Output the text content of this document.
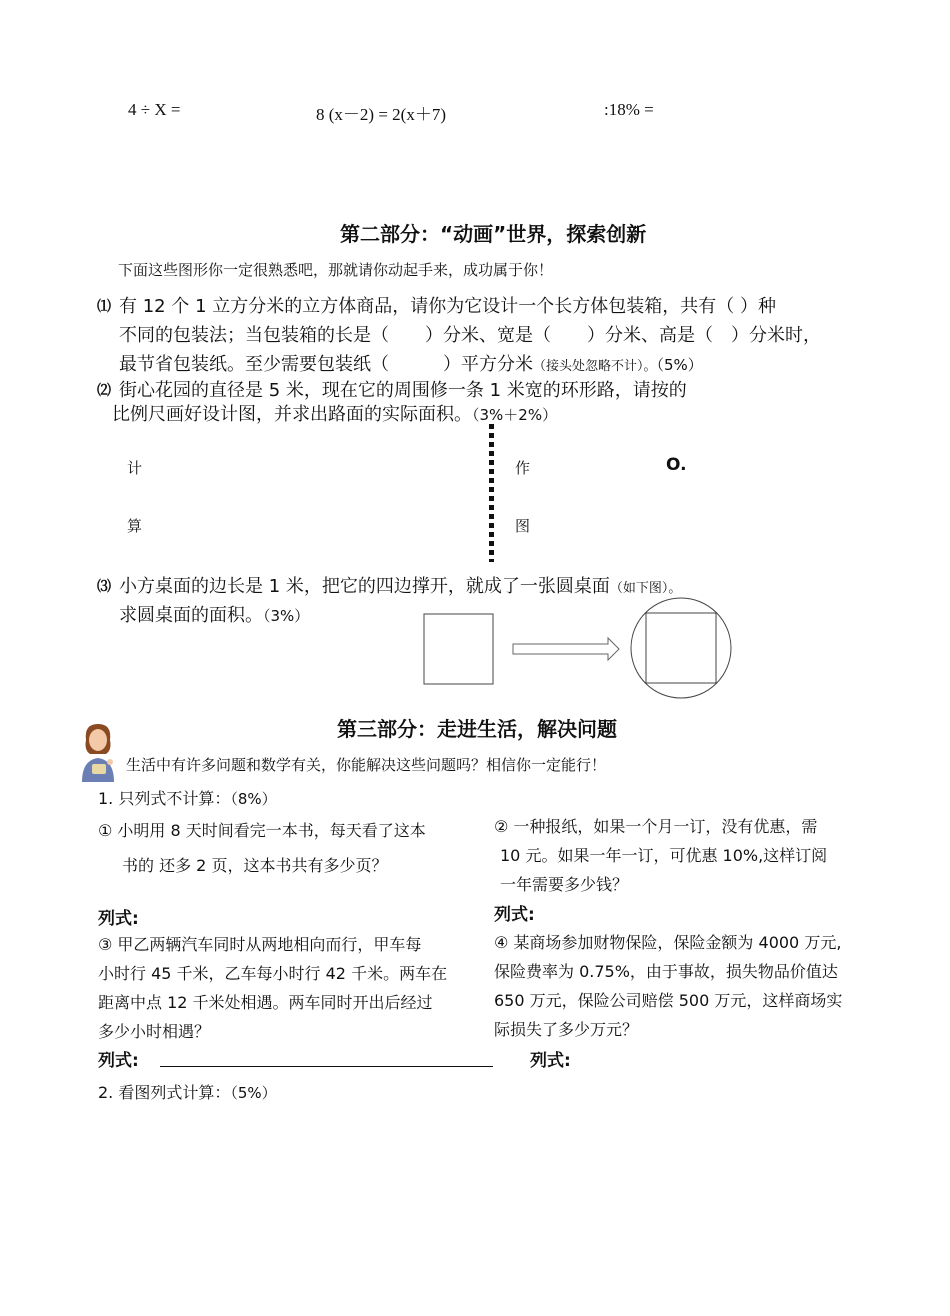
4 ÷ X =	8 (x－2) = 2(x＋7)	:18% =
第二部分：“动画”世界，探索创新
下面这些图形你一定很熟悉吧，那就请你动起手来，成功属于你！
⑴ 有 12 个 1 立方分米的立方体商品，请你为它设计一个长方体包装箱，共有（ ）种
不同的包装法；当包装箱的长是（　　）分米、宽是（　　）分米、高是（　）分米时，
最节省包装纸。至少需要包装纸（　　　）平方分米（接头处忽略不计）。（5%）
⑵ 街心花园的直径是 5 米，现在它的周围修一条 1 米宽的环形路，请按的
比例尺画好设计图，并求出路面的实际面积。（3%＋2%）
计
算
作
图
O.
⑶ 小方桌面的边长是 1 米，把它的四边撑开，就成了一张圆桌面（如下图）。
求圆桌面的面积。（3%）
第三部分：走进生活，解决问题
生活中有许多问题和数学有关，你能解决这些问题吗？相信你一定能行！
1. 只列式不计算：（8%）
① 小明用 8 天时间看完一本书，每天看了这本
书的 还多 2 页，这本书共有多少页？
② 一种报纸，如果一个月一订，没有优惠，需
10 元。如果一年一订，可优惠 10%,这样订阅
一年需要多少钱？
列式:	列式:
③ 甲乙两辆汽车同时从两地相向而行，甲车每
小时行 45 千米，乙车每小时行 42 千米。两车在
距离中点 12 千米处相遇。两车同时开出后经过
多少小时相遇？
④ 某商场参加财物保险，保险金额为 4000 万元,
保险费率为 0.75%，由于事故，损失物品价值达
650 万元，保险公司赔偿 500 万元，这样商场实
际损失了多少万元？
列式:	列式:
2. 看图列式计算：（5%）
